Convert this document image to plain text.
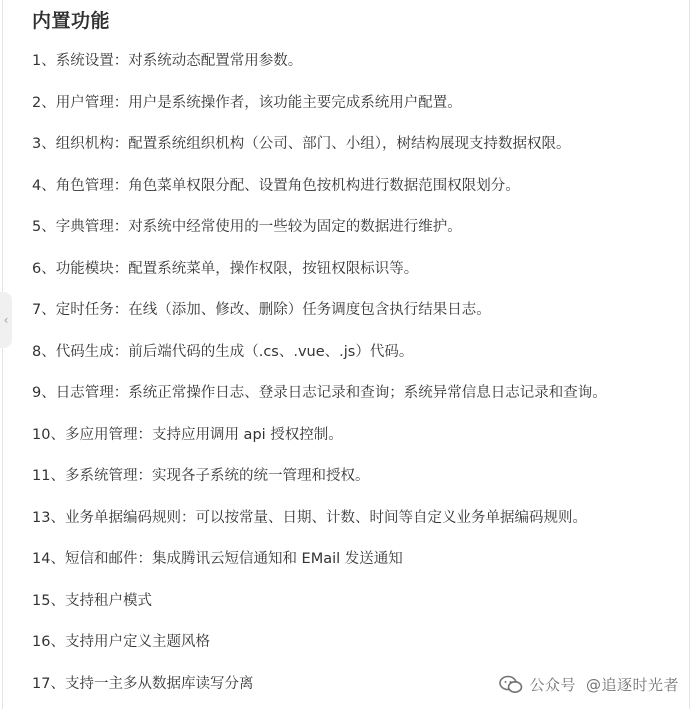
内置功能
1、系统设置：对系统动态配置常用参数。
2、用户管理：用户是系统操作者，该功能主要完成系统用户配置。
3、组织机构：配置系统组织机构（公司、部门、小组），树结构展现支持数据权限。
4、角色管理：角色菜单权限分配、设置角色按机构进行数据范围权限划分。
5、字典管理：对系统中经常使用的一些较为固定的数据进行维护。
6、功能模块：配置系统菜单，操作权限，按钮权限标识等。
7、定时任务：在线（添加、修改、删除）任务调度包含执行结果日志。
8、代码生成：前后端代码的生成（.cs、.vue、.js）代码。
9、日志管理：系统正常操作日志、登录日志记录和查询；系统异常信息日志记录和查询。
10、多应用管理：支持应用调用 api 授权控制。
11、多系统管理：实现各子系统的统一管理和授权。
13、业务单据编码规则：可以按常量、日期、计数、时间等自定义业务单据编码规则。
14、短信和邮件：集成腾讯云短信通知和 EMail 发送通知
15、支持租户模式
16、支持用户定义主题风格
17、支持一主多从数据库读写分离
‹
公众号 @追逐时光者
